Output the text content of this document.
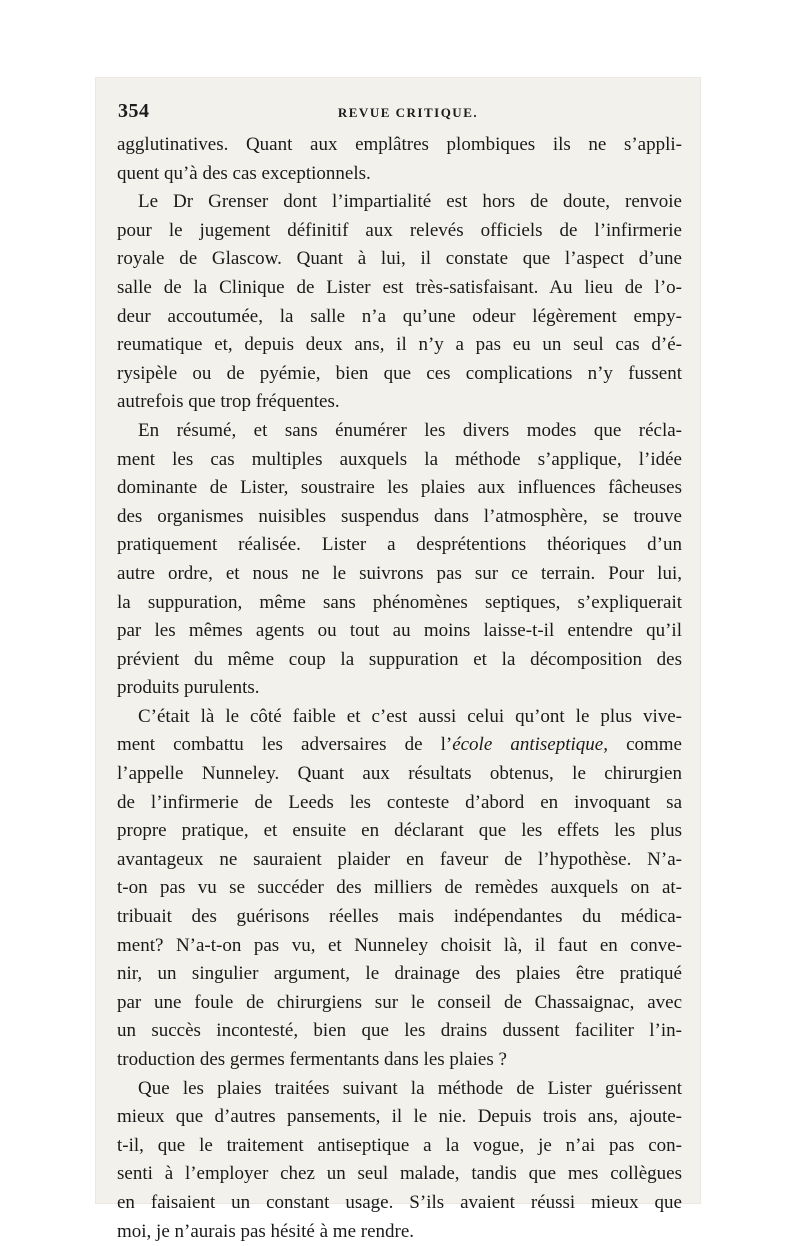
354	REVUE CRITIQUE.
agglutinatives. Quant aux emplâtres plombiques ils ne s’appli-
quent qu’à des cas exceptionnels.
Le Dr Grenser dont l’impartialité est hors de doute, renvoie
pour le jugement définitif aux relevés officiels de l’infirmerie
royale de Glascow. Quant à lui, il constate que l’aspect d’une
salle de la Clinique de Lister est très-satisfaisant. Au lieu de l’o-
deur accoutumée, la salle n’a qu’une odeur légèrement empy-
reumatique et, depuis deux ans, il n’y a pas eu un seul cas d’é-
rysipèle ou de pyémie, bien que ces complications n’y fussent
autrefois que trop fréquentes.
En résumé, et sans énumérer les divers modes que récla-
ment les cas multiples auxquels la méthode s’applique, l’idée
dominante de Lister, soustraire les plaies aux influences fâcheuses
des organismes nuisibles suspendus dans l’atmosphère, se trouve
pratiquement réalisée. Lister a desprétentions théoriques d’un
autre ordre, et nous ne le suivrons pas sur ce terrain. Pour lui,
la suppuration, même sans phénomènes septiques, s’expliquerait
par les mêmes agents ou tout au moins laisse-t-il entendre qu’il
prévient du même coup la suppuration et la décomposition des
produits purulents.
C’était là le côté faible et c’est aussi celui qu’ont le plus vive-
ment combattu les adversaires de l’école antiseptique, comme
l’appelle Nunneley. Quant aux résultats obtenus, le chirurgien
de l’infirmerie de Leeds les conteste d’abord en invoquant sa
propre pratique, et ensuite en déclarant que les effets les plus
avantageux ne sauraient plaider en faveur de l’hypothèse. N’a-
t-on pas vu se succéder des milliers de remèdes auxquels on at-
tribuait des guérisons réelles mais indépendantes du médica-
ment? N’a-t-on pas vu, et Nunneley choisit là, il faut en conve-
nir, un singulier argument, le drainage des plaies être pratiqué
par une foule de chirurgiens sur le conseil de Chassaignac, avec
un succès incontesté, bien que les drains dussent faciliter l’in-
troduction des germes fermentants dans les plaies ?
Que les plaies traitées suivant la méthode de Lister guérissent
mieux que d’autres pansements, il le nie. Depuis trois ans, ajoute-
t-il, que le traitement antiseptique a la vogue, je n’ai pas con-
senti à l’employer chez un seul malade, tandis que mes collègues
en faisaient un constant usage. S’ils avaient réussi mieux que
moi, je n’aurais pas hésité à me rendre.
